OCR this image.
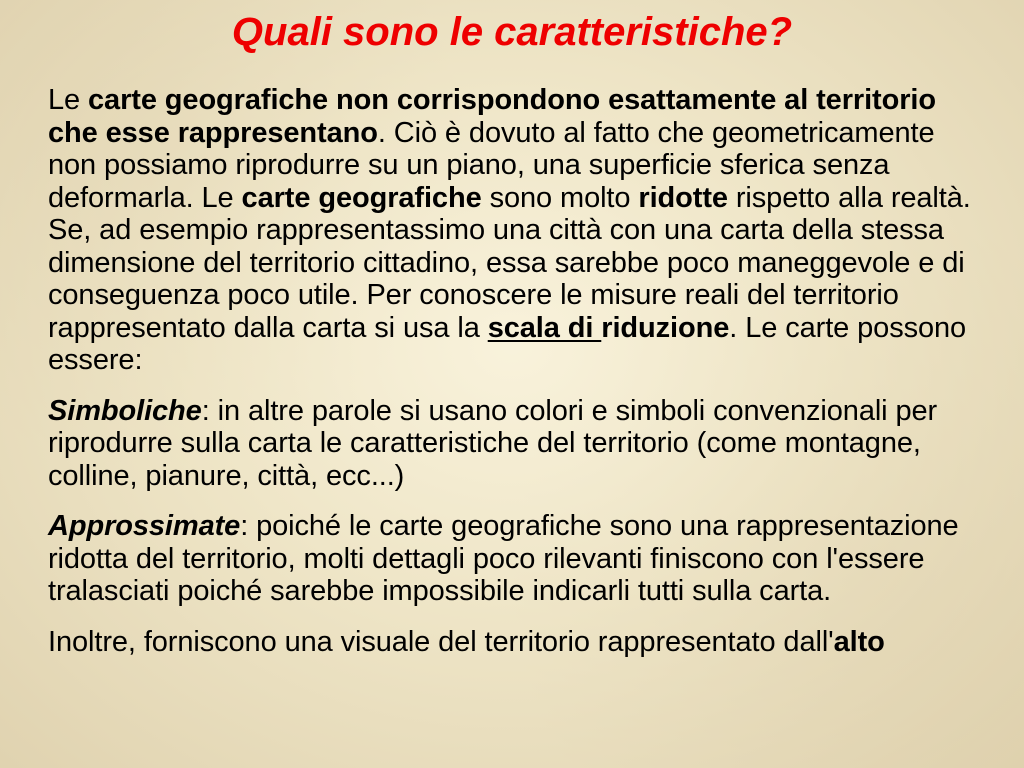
Quali sono le caratteristiche?

Le carte geografiche non corrispondono esattamente al territorio che esse rappresentano. Ciò è dovuto al fatto che geometricamente non possiamo riprodurre su un piano, una superficie sferica senza deformarla. Le carte geografiche sono molto ridotte rispetto alla realtà. Se, ad esempio rappresentassimo una città con una carta della stessa dimensione del territorio cittadino, essa sarebbe poco maneggevole e di conseguenza poco utile. Per conoscere le misure reali del territorio rappresentato dalla carta si usa la scala di riduzione. Le carte possono essere:

Simboliche: in altre parole si usano colori e simboli convenzionali per riprodurre sulla carta le caratteristiche del territorio (come montagne, colline, pianure, città, ecc...)

Approssimate: poiché le carte geografiche sono una rappresentazione ridotta del territorio, molti dettagli poco rilevanti finiscono con l'essere tralasciati poiché sarebbe impossibile indicarli tutti sulla carta.

Inoltre, forniscono una visuale del territorio rappresentato dall'alto
